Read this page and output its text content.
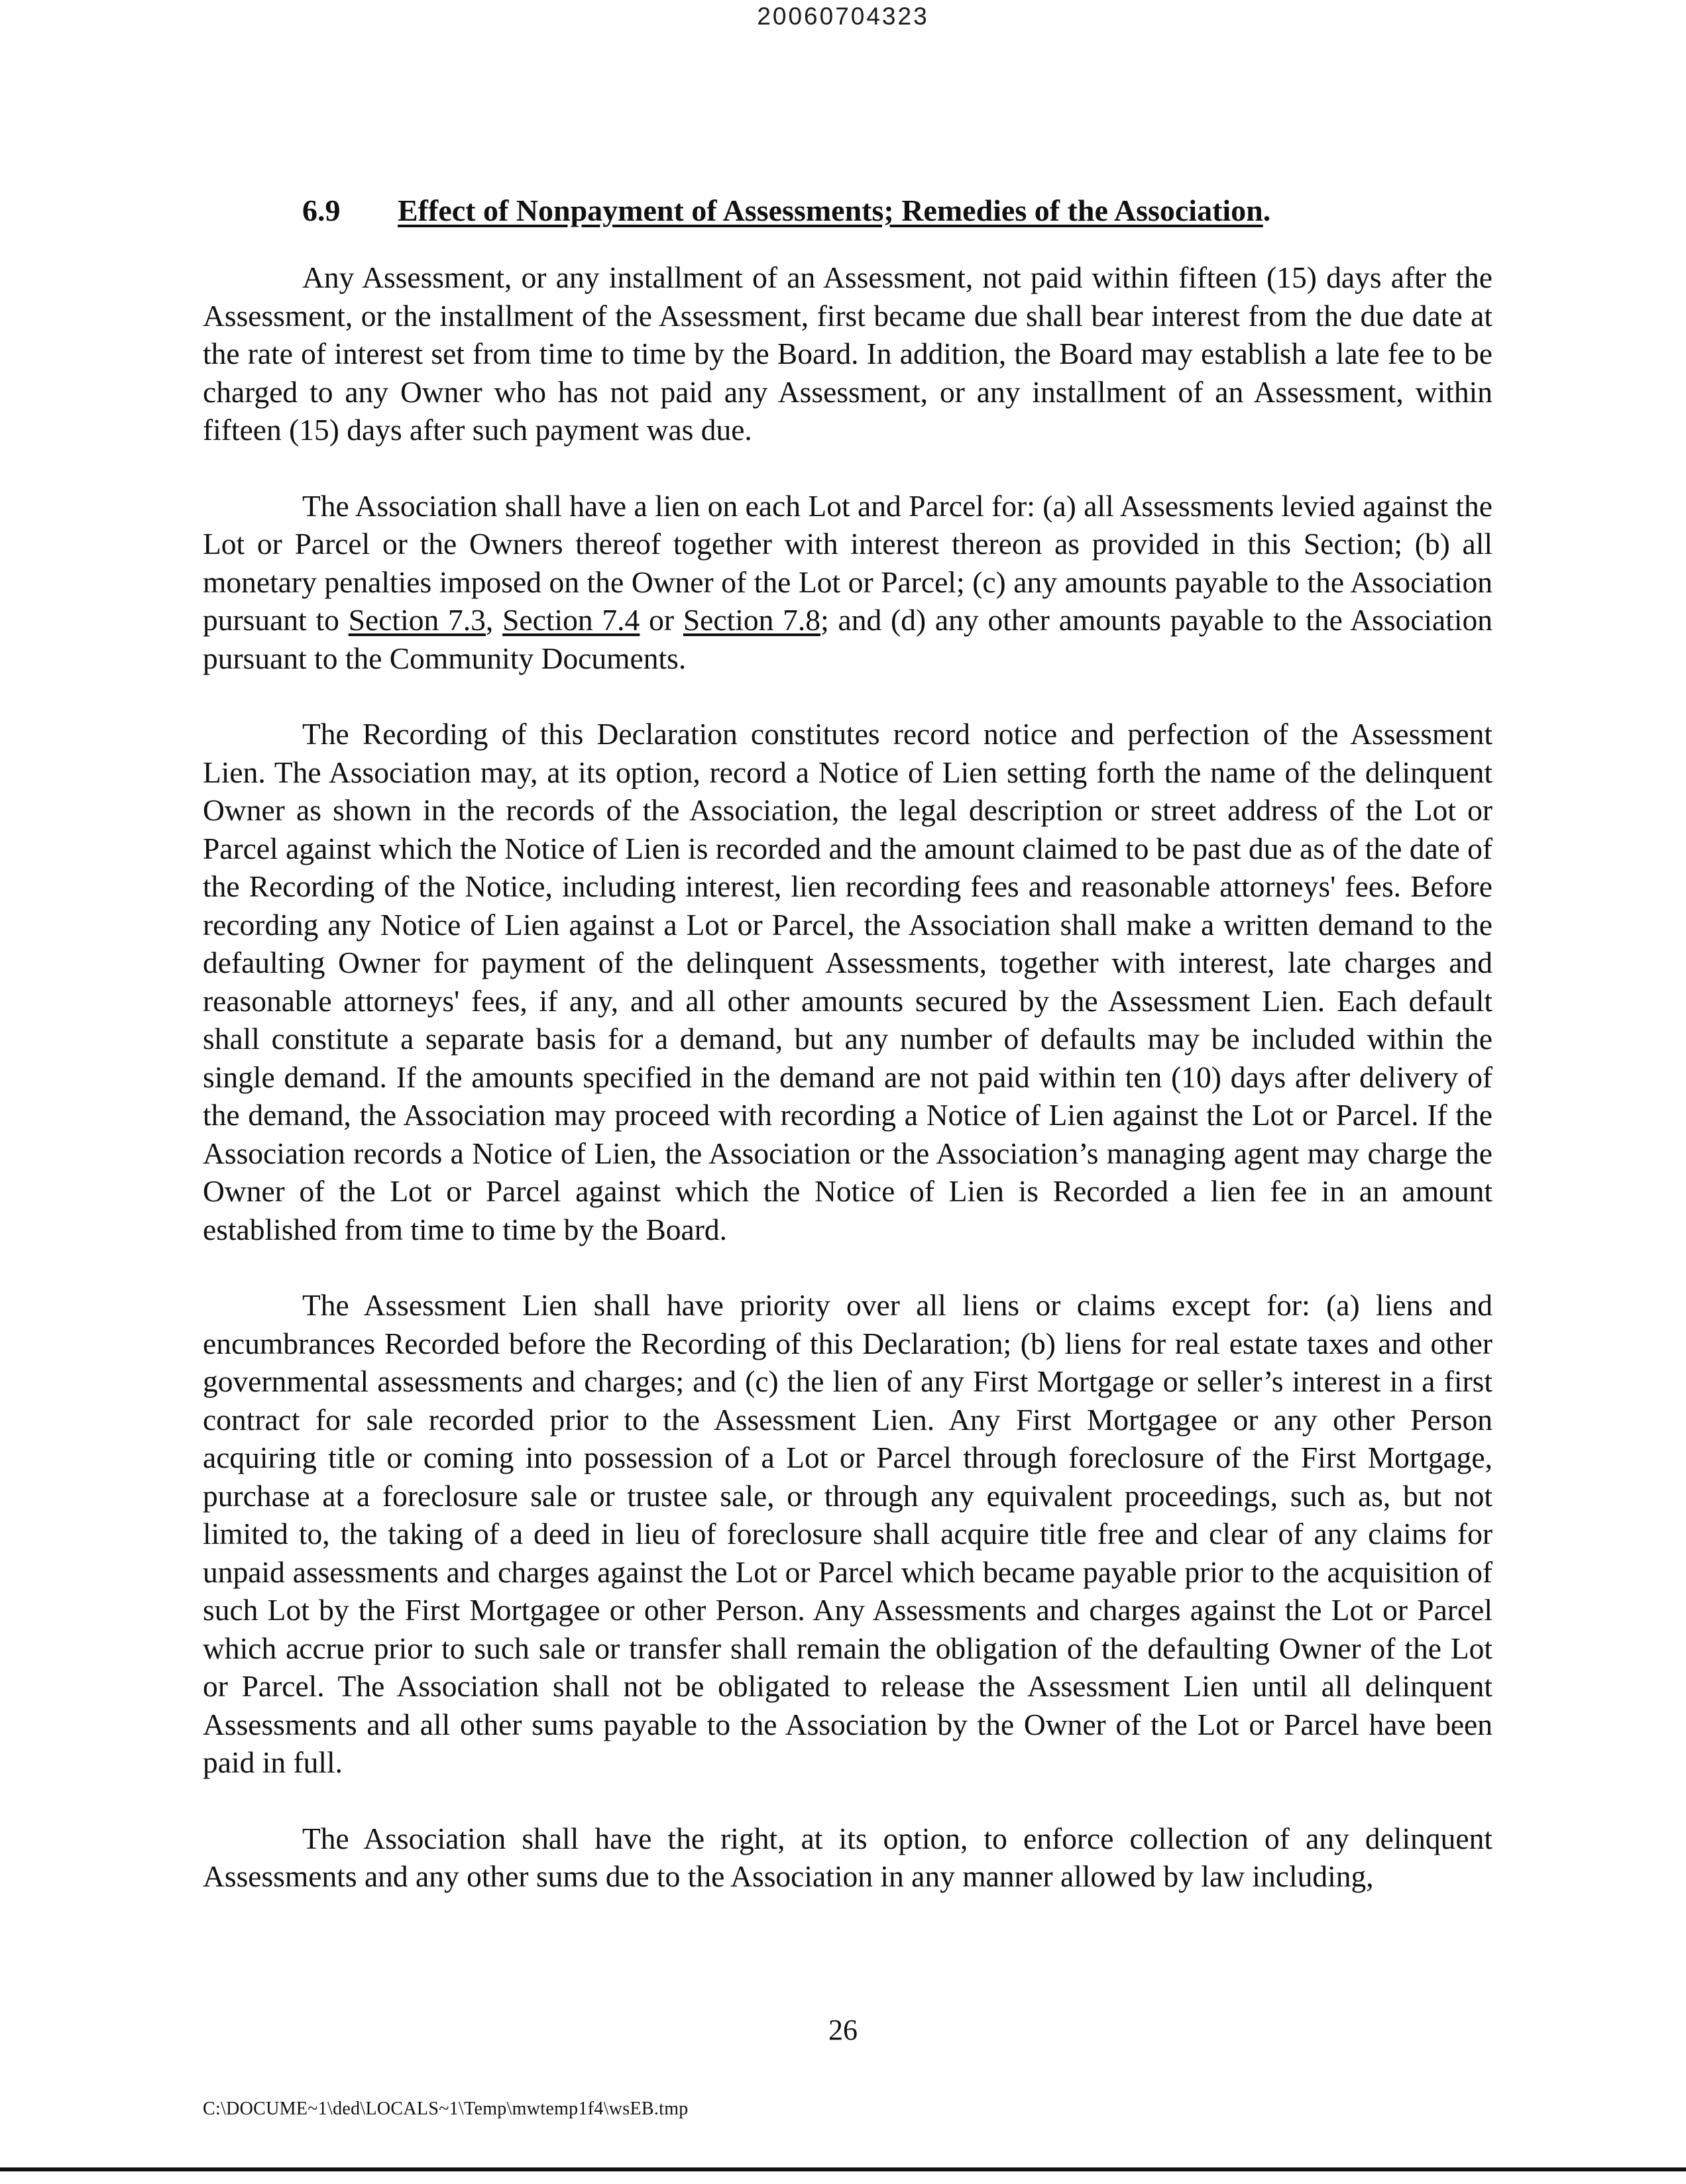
20060704323
6.9 Effect of Nonpayment of Assessments; Remedies of the Association.

Any Assessment, or any installment of an Assessment, not paid within fifteen (15) days after the Assessment, or the installment of the Assessment, first became due shall bear interest from the due date at the rate of interest set from time to time by the Board. In addition, the Board may establish a late fee to be charged to any Owner who has not paid any Assessment, or any installment of an Assessment, within fifteen (15) days after such payment was due.

The Association shall have a lien on each Lot and Parcel for: (a) all Assessments levied against the Lot or Parcel or the Owners thereof together with interest thereon as provided in this Section; (b) all monetary penalties imposed on the Owner of the Lot or Parcel; (c) any amounts payable to the Association pursuant to Section 7.3, Section 7.4 or Section 7.8; and (d) any other amounts payable to the Association pursuant to the Community Documents.

The Recording of this Declaration constitutes record notice and perfection of the Assessment Lien. The Association may, at its option, record a Notice of Lien setting forth the name of the delinquent Owner as shown in the records of the Association, the legal description or street address of the Lot or Parcel against which the Notice of Lien is recorded and the amount claimed to be past due as of the date of the Recording of the Notice, including interest, lien recording fees and reasonable attorneys' fees. Before recording any Notice of Lien against a Lot or Parcel, the Association shall make a written demand to the defaulting Owner for payment of the delinquent Assessments, together with interest, late charges and reasonable attorneys' fees, if any, and all other amounts secured by the Assessment Lien. Each default shall constitute a separate basis for a demand, but any number of defaults may be included within the single demand. If the amounts specified in the demand are not paid within ten (10) days after delivery of the demand, the Association may proceed with recording a Notice of Lien against the Lot or Parcel. If the Association records a Notice of Lien, the Association or the Association’s managing agent may charge the Owner of the Lot or Parcel against which the Notice of Lien is Recorded a lien fee in an amount established from time to time by the Board.

The Assessment Lien shall have priority over all liens or claims except for: (a) liens and encumbrances Recorded before the Recording of this Declaration; (b) liens for real estate taxes and other governmental assessments and charges; and (c) the lien of any First Mortgage or seller’s interest in a first contract for sale recorded prior to the Assessment Lien. Any First Mortgagee or any other Person acquiring title or coming into possession of a Lot or Parcel through foreclosure of the First Mortgage, purchase at a foreclosure sale or trustee sale, or through any equivalent proceedings, such as, but not limited to, the taking of a deed in lieu of foreclosure shall acquire title free and clear of any claims for unpaid assessments and charges against the Lot or Parcel which became payable prior to the acquisition of such Lot by the First Mortgagee or other Person. Any Assessments and charges against the Lot or Parcel which accrue prior to such sale or transfer shall remain the obligation of the defaulting Owner of the Lot or Parcel. The Association shall not be obligated to release the Assessment Lien until all delinquent Assessments and all other sums payable to the Association by the Owner of the Lot or Parcel have been paid in full.

The Association shall have the right, at its option, to enforce collection of any delinquent Assessments and any other sums due to the Association in any manner allowed by law including,

26
C:\DOCUME~1\ded\LOCALS~1\Temp\mwtemp1f4\wsEB.tmp
